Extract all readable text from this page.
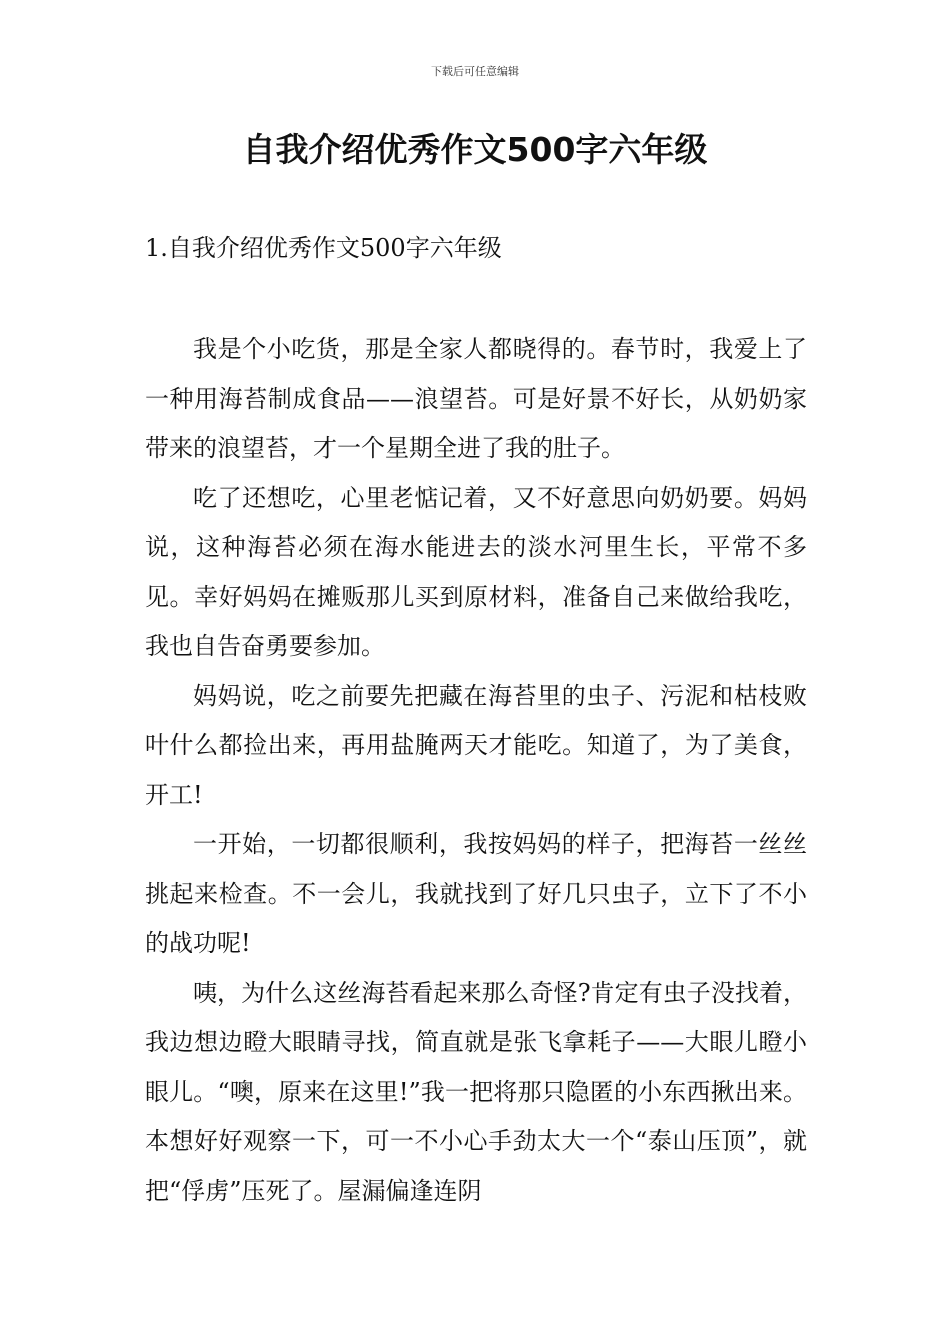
下载后可任意编辑
自我介绍优秀作文500字六年级
1.自我介绍优秀作文500字六年级

我是个小吃货，那是全家人都晓得的。春节时，我爱上了一种用海苔制成食品——浪望苔。可是好景不好长，从奶奶家带来的浪望苔，才一个星期全进了我的肚子。

吃了还想吃，心里老惦记着，又不好意思向奶奶要。妈妈说，这种海苔必须在海水能进去的淡水河里生长，平常不多见。幸好妈妈在摊贩那儿买到原材料，准备自己来做给我吃，我也自告奋勇要参加。

妈妈说，吃之前要先把藏在海苔里的虫子、污泥和枯枝败叶什么都捡出来，再用盐腌两天才能吃。知道了，为了美食，开工!

一开始，一切都很顺利，我按妈妈的样子，把海苔一丝丝挑起来检查。不一会儿，我就找到了好几只虫子，立下了不小的战功呢!

咦，为什么这丝海苔看起来那么奇怪?肯定有虫子没找着，我边想边瞪大眼睛寻找，简直就是张飞拿耗子——大眼儿瞪小眼儿。“噢，原来在这里!”我一把将那只隐匿的小东西揪出来。本想好好观察一下，可一不小心手劲太大一个“泰山压顶”，就把“俘虏”压死了。屋漏偏逢连阴
